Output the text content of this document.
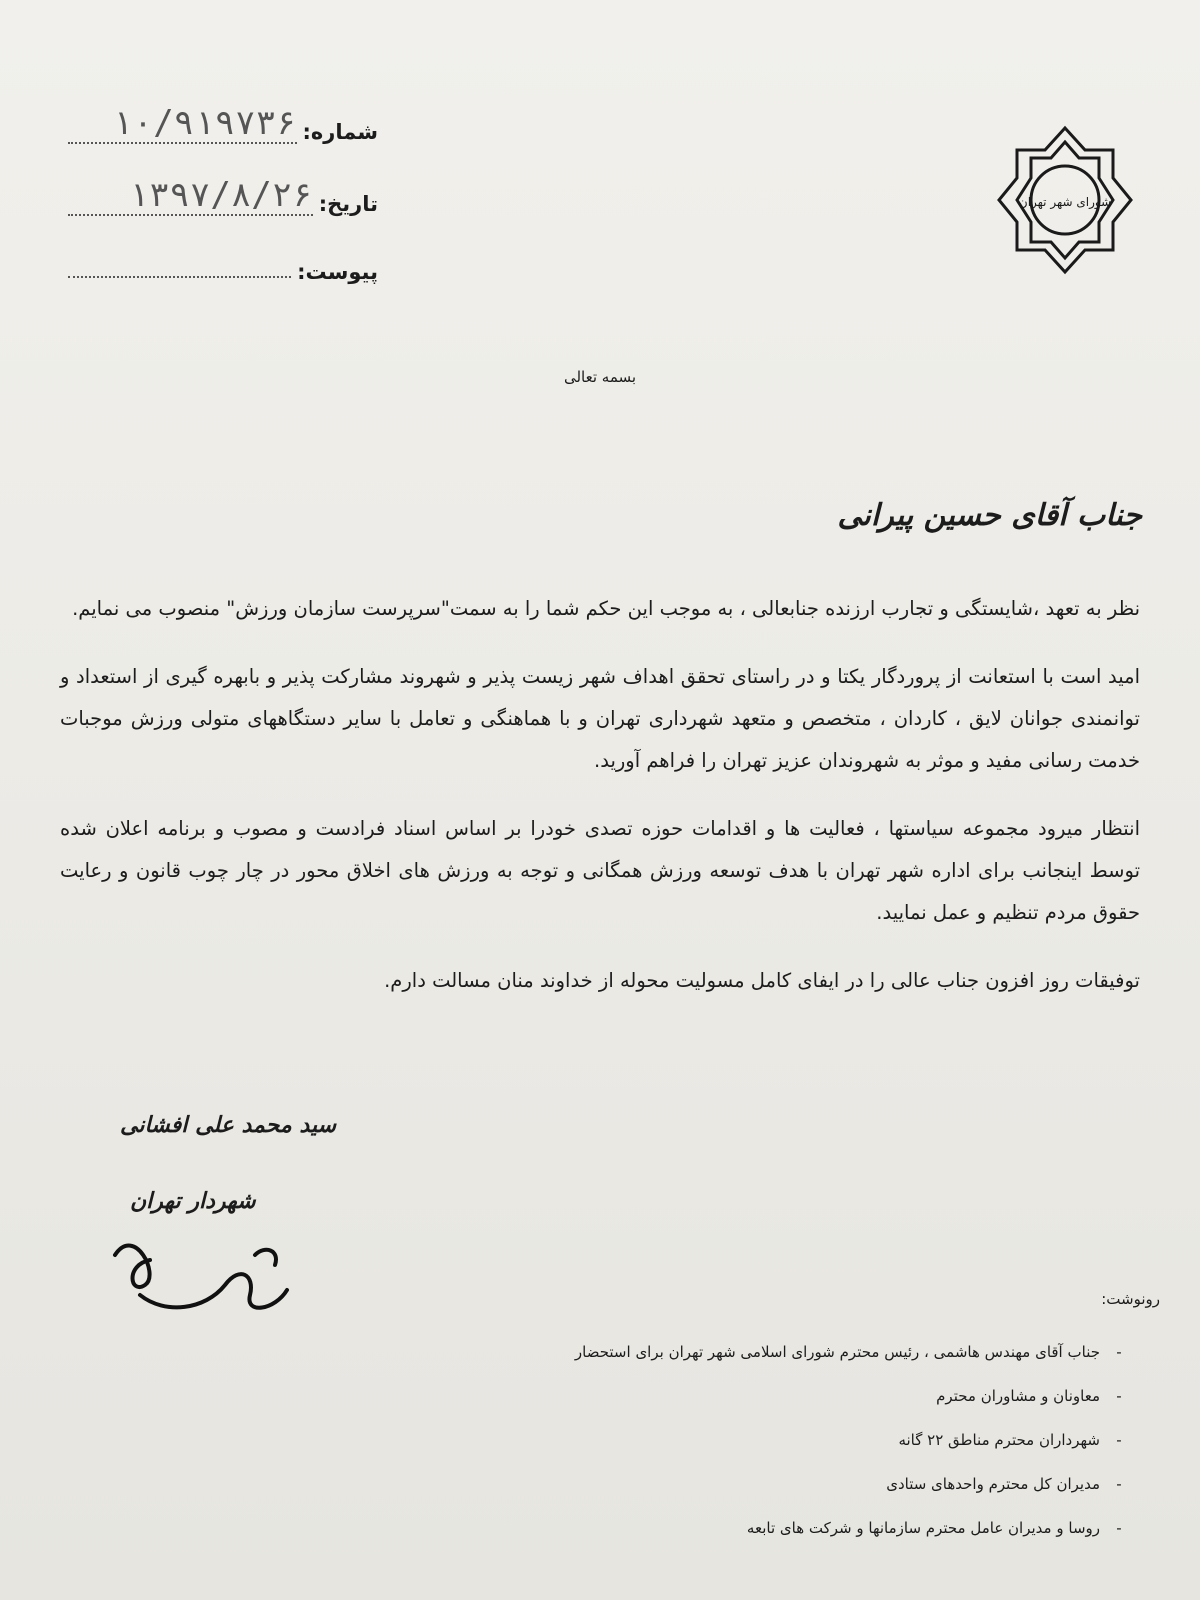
شورای شهر تهران
شماره:
۱۰/۹۱۹۷۳۶
تاریخ:
۱۳۹۷/۸/۲۶
پیوست:
بسمه تعالی
جناب آقای حسین پیرانی

نظر به تعهد ،شایستگی و تجارب ارزنده جنابعالی ، به موجب این حکم شما را به سمت"سرپرست سازمان ورزش" منصوب می نمایم.

امید است با استعانت از پروردگار یکتا و در راستای تحقق اهداف شهر زیست پذیر و شهروند مشارکت پذیر و بابهره گیری از استعداد و توانمندی جوانان لایق ، کاردان ، متخصص و متعهد شهرداری تهران و با هماهنگی و تعامل با سایر دستگاههای متولی ورزش موجبات خدمت رسانی مفید و موثر به شهروندان عزیز تهران را فراهم آورید.

انتظار میرود مجموعه سیاستها ، فعالیت ها و اقدامات حوزه تصدی خودرا بر اساس اسناد فرادست و مصوب و برنامه اعلان شده توسط اینجانب برای اداره شهر تهران با هدف توسعه ورزش همگانی و توجه به ورزش های اخلاق محور در چار چوب قانون و رعایت حقوق مردم تنظیم و عمل نمایید.

توفیقات روز افزون جناب عالی را در ایفای کامل مسولیت محوله از خداوند منان مسالت دارم.

سید محمد علی افشانی
شهردار تهران
رونوشت:
-
جناب آقای مهندس هاشمی ، رئیس محترم شورای اسلامی شهر تهران برای استحضار
-
معاونان و مشاوران محترم
-
شهرداران محترم مناطق ۲۲ گانه
-
مدیران کل محترم واحدهای ستادی
-
روسا و مدیران عامل محترم سازمانها و شرکت های تابعه
